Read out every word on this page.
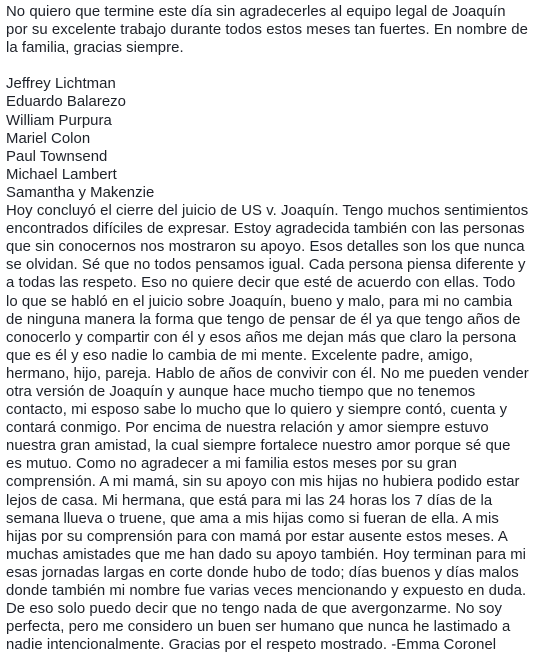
No quiero que termine este día sin agradecerles al equipo legal de Joaquín por su excelente trabajo durante todos estos meses tan fuertes. En nombre de la familia, gracias siempre.

Jeffrey Lichtman
Eduardo Balarezo
William Purpura
Mariel Colon
Paul Townsend
Michael Lambert
Samantha y Makenzie

Hoy concluyó el cierre del juicio de US v. Joaquín. Tengo muchos sentimientos encontrados difíciles de expresar. Estoy agradecida también con las personas que sin conocernos nos mostraron su apoyo. Esos detalles son los que nunca se olvidan. Sé que no todos pensamos igual. Cada persona piensa diferente y a todas las respeto. Eso no quiere decir que esté de acuerdo con ellas. Todo lo que se habló en el juicio sobre Joaquín, bueno y malo, para mi no cambia de ninguna manera la forma que tengo de pensar de él ya que tengo años de conocerlo y compartir con él y esos años me dejan más que claro la persona que es él y eso nadie lo cambia de mi mente. Excelente padre, amigo, hermano, hijo, pareja. Hablo de años de convivir con él. No me pueden vender otra versión de Joaquín y aunque hace mucho tiempo que no tenemos contacto, mi esposo sabe lo mucho que lo quiero y siempre contó, cuenta y contará conmigo. Por encima de nuestra relación y amor siempre estuvo nuestra gran amistad, la cual siempre fortalece nuestro amor porque sé que es mutuo. Como no agradecer a mi familia estos meses por su gran comprensión. A mi mamá, sin su apoyo con mis hijas no hubiera podido estar lejos de casa. Mi hermana, que está para mi las 24 horas los 7 días de la semana llueva o truene, que ama a mis hijas como si fueran de ella. A mis hijas por su comprensión para con mamá por estar ausente estos meses. A muchas amistades que me han dado su apoyo también. Hoy terminan para mi esas jornadas largas en corte donde hubo de todo; días buenos y días malos donde también mi nombre fue varias veces mencionando y expuesto en duda. De eso solo puedo decir que no tengo nada de que avergonzarme. No soy perfecta, pero me considero un buen ser humano que nunca he lastimado a nadie intencionalmente. Gracias por el respeto mostrado. -Emma Coronel
